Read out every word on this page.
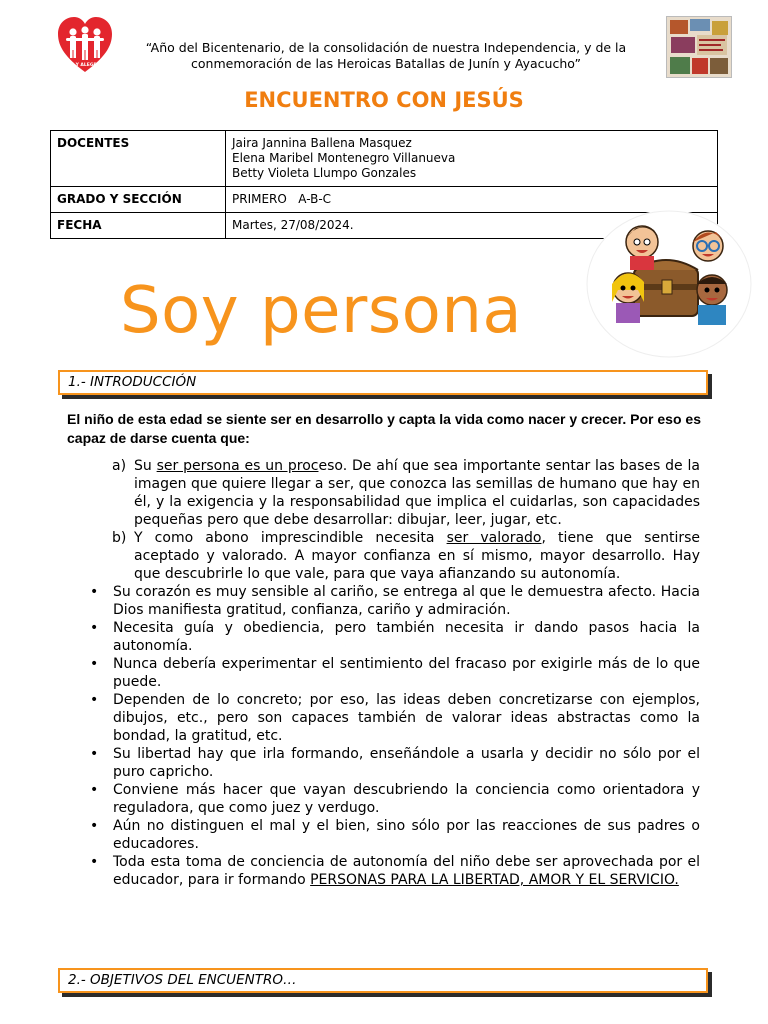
FE Y ALEGRÍA
“Año del Bicentenario, de la consolidación de nuestra Independencia, y de la
conmemoración de las Heroicas Batallas de Junín y Ayacucho”
ENCUENTRO CON JESÚS
DOCENTES	Jaira Jannina Ballena Masquez
Elena Maribel Montenegro Villanueva
Betty Violeta Llumpo Gonzales

GRADO Y SECCIÓN	PRIMERO   A-B-C
FECHA	Martes, 27/08/2024.
Soy persona
1.- INTRODUCCIÓN
El niño de esta edad se siente ser en desarrollo y capta la vida como nacer y crecer. Por eso es capaz de darse cuenta que:
a) Su ser persona es un proceso. De ahí que sea importante sentar las bases de la imagen que quiere llegar a ser, que conozca las semillas de humano que hay en él, y la exigencia y la responsabilidad que implica el cuidarlas, son capacidades pequeñas pero que debe desarrollar: dibujar, leer, jugar, etc.
b) Y como abono imprescindible necesita ser valorado, tiene que sentirse aceptado y valorado. A mayor confianza en sí mismo, mayor desarrollo. Hay que descubrirle lo que vale, para que vaya afianzando su autonomía.
• Su corazón es muy sensible al cariño, se entrega al que le demuestra afecto. Hacia Dios manifiesta gratitud, confianza, cariño y admiración.
• Necesita guía y obediencia, pero también necesita ir dando pasos hacia la autonomía.
• Nunca debería experimentar el sentimiento del fracaso por exigirle más de lo que puede.
• Dependen de lo concreto; por eso, las ideas deben concretizarse con ejemplos, dibujos, etc., pero son capaces también de valorar ideas abstractas como la bondad, la gratitud, etc.
• Su libertad hay que irla formando, enseñándole a usarla y decidir no sólo por el puro capricho.
• Conviene más hacer que vayan descubriendo la conciencia como orientadora y reguladora, que como juez y verdugo.
• Aún no distinguen el mal y el bien, sino sólo por las reacciones de sus padres o educadores.
• Toda esta toma de conciencia de autonomía del niño debe ser aprovechada por el educador, para ir formando PERSONAS PARA LA LIBERTAD, AMOR Y EL SERVICIO.
2.- OBJETIVOS DEL ENCUENTRO…
